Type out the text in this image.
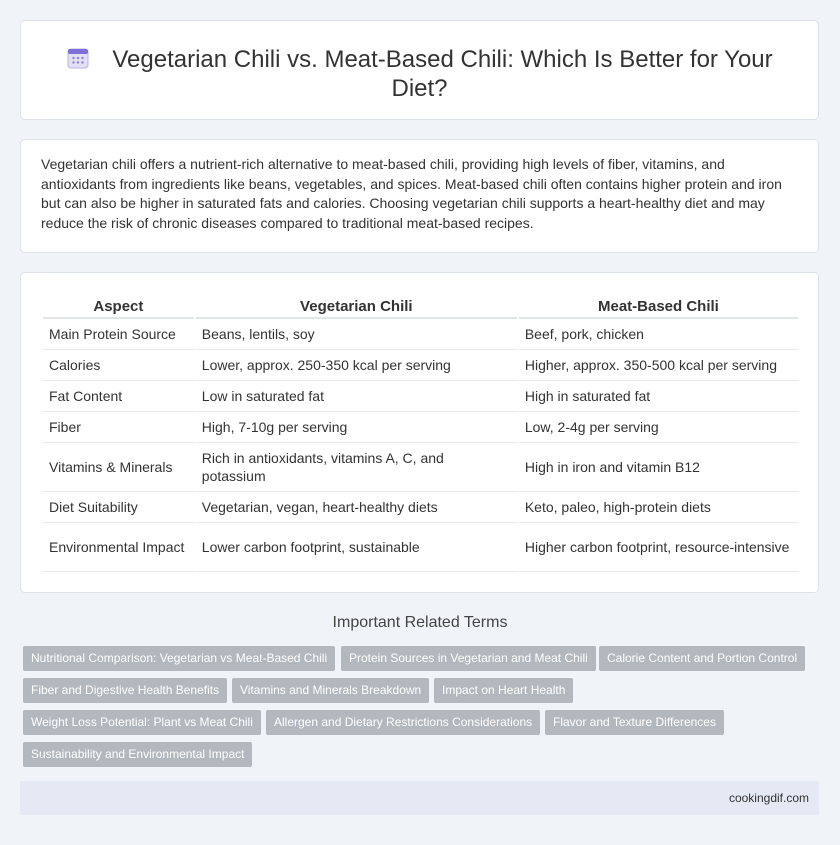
Vegetarian Chili vs. Meat-Based Chili: Which Is Better for Your Diet?

Vegetarian chili offers a nutrient-rich alternative to meat-based chili, providing high levels of fiber, vitamins, and antioxidants from ingredients like beans, vegetables, and spices. Meat-based chili often contains higher protein and iron but can also be higher in saturated fats and calories. Choosing vegetarian chili supports a heart-healthy diet and may reduce the risk of chronic diseases compared to traditional meat-based recipes.

Aspect	Vegetarian Chili	Meat-Based Chili
Main Protein Source	Beans, lentils, soy	Beef, pork, chicken
Calories	Lower, approx. 250-350 kcal per serving	Higher, approx. 350-500 kcal per serving
Fat Content	Low in saturated fat	High in saturated fat
Fiber	High, 7-10g per serving	Low, 2-4g per serving
Vitamins & Minerals	Rich in antioxidants, vitamins A, C, and potassium	High in iron and vitamin B12
Diet Suitability	Vegetarian, vegan, heart-healthy diets	Keto, paleo, high-protein diets
Environmental Impact	Lower carbon footprint, sustainable	Higher carbon footprint, resource-intensive
Important Related Terms
Nutritional Comparison: Vegetarian vs Meat-Based Chili	Protein Sources in Vegetarian and Meat Chili	Calorie Content and Portion Control
Fiber and Digestive Health Benefits	Vitamins and Minerals Breakdown	Impact on Heart Health
Weight Loss Potential: Plant vs Meat Chili	Allergen and Dietary Restrictions Considerations	Flavor and Texture Differences
Sustainability and Environmental Impact
cookingdif.com
